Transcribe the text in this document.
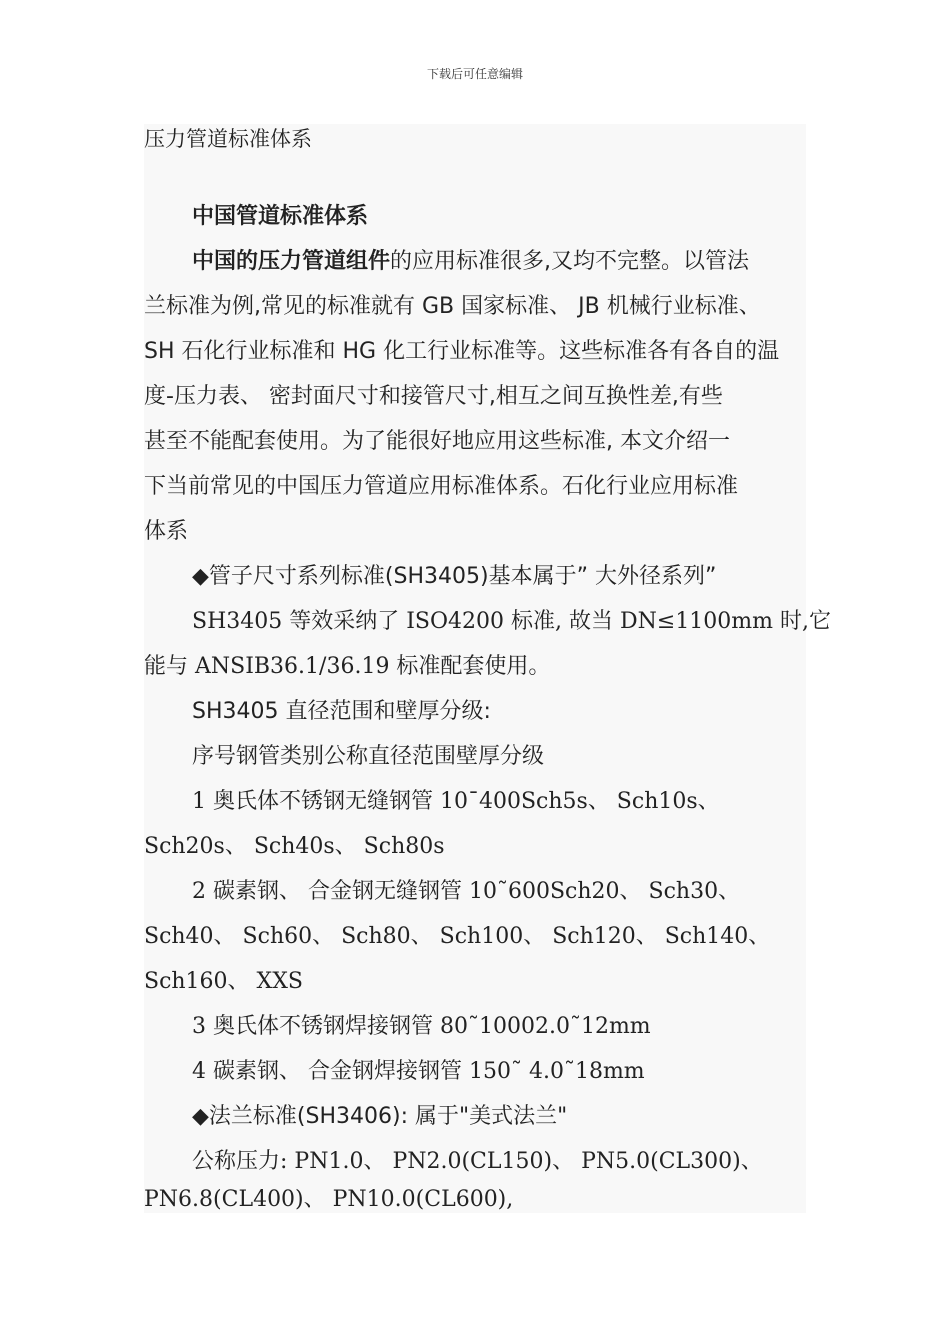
下载后可任意编辑
压力管道标准体系
中国管道标准体系
中国的压力管道组件的应用标准很多,又均不完整。以管法
兰标准为例,常见的标准就有 GB 国家标准、 JB 机械行业标准、
SH 石化行业标准和 HG 化工行业标准等。这些标准各有各自的温
度-压力表、 密封面尺寸和接管尺寸,相互之间互换性差,有些
甚至不能配套使用。为了能很好地应用这些标准, 本文介绍一
下当前常见的中国压力管道应用标准体系。石化行业应用标准
体系
◆管子尺寸系列标准(SH3405)基本属于” 大外径系列”
SH3405 等效采纳了 ISO4200 标准, 故当 DN≤1100mm 时,它
能与 ANSIB36.1/36.19 标准配套使用。
SH3405 直径范围和壁厚分级:
序号钢管类别公称直径范围壁厚分级
1 奥氏体不锈钢无缝钢管 10¯400Sch5s、 Sch10s、
Sch20s、 Sch40s、 Sch80s
2 碳素钢、 合金钢无缝钢管 10˜600Sch20、 Sch30、
Sch40、 Sch60、 Sch80、 Sch100、 Sch120、 Sch140、
Sch160、 XXS
3 奥氏体不锈钢焊接钢管 80˜10002.0˜12mm
4 碳素钢、 合金钢焊接钢管 150˜ 4.0˜18mm
◆法兰标准(SH3406): 属于"美式法兰"
公称压力: PN1.0、 PN2.0(CL150)、 PN5.0(CL300)、
PN6.8(CL400)、 PN10.0(CL600),
